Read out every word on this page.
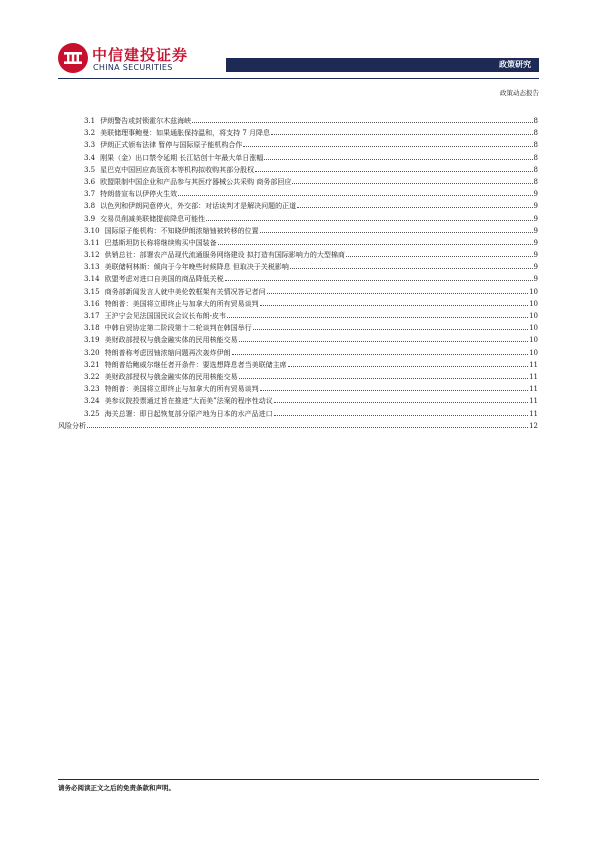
中信建投证券
CHINA SECURITIES	政策研究
政策动态报告
3.1 伊朗警告或封锁霍尔木兹海峡	8
3.2 美联储理事鲍曼：如果通胀保持温和，将支持 7 月降息	8
3.3 伊朗正式颁布法律 暂停与国际原子能机构合作	8
3.4 刚果（金）出口禁令延期 长江钴创十年最大单日涨幅	8
3.5 星巴克中国回应高瓴资本等机构拟收购其部分股权	8
3.6 欧盟限制中国企业和产品参与其医疗器械公共采购 商务部回应	8
3.7 特朗普宣布以伊停火生效	9
3.8 以色列和伊朗同意停火，外交部：对话谈判才是解决问题的正道	9
3.9 交易员削减美联储提前降息可能性	9
3.10 国际原子能机构：不知晓伊朗浓缩铀被转移的位置	9
3.11 巴基斯坦防长称将继续购买中国装备	9
3.12 供销总社：部署农产品现代流通服务网络建设 拟打造有国际影响力的大型棉商	9
3.13 美联储柯林斯：倾向于今年晚些时候降息 但取决于关税影响	9
3.14 欧盟考虑对进口自美国的商品降低关税	9
3.15 商务部新闻发言人就中美伦敦框架有关情况答记者问	10
3.16 特朗普：美国将立即终止与加拿大的所有贸易谈判	10
3.17 王沪宁会见法国国民议会议长布朗-皮韦	10
3.18 中韩自贸协定第二阶段第十二轮谈判在韩国举行	10
3.19 美财政部授权与俄金融实体的民用核能交易	10
3.20 特朗普称考虑因铀浓缩问题再次轰炸伊朗	10
3.21 特朗普给鲍威尔继任者开条件：要选想降息者当美联储主席	11
3.22 美财政部授权与俄金融实体的民用核能交易	11
3.23 特朗普：美国将立即终止与加拿大的所有贸易谈判	11
3.24 美参议院投票通过旨在推进“大而美”法案的程序性动议	11
3.25 海关总署：即日起恢复部分原产地为日本的水产品进口	11
风险分析	12
请务必阅读正文之后的免责条款和声明。
